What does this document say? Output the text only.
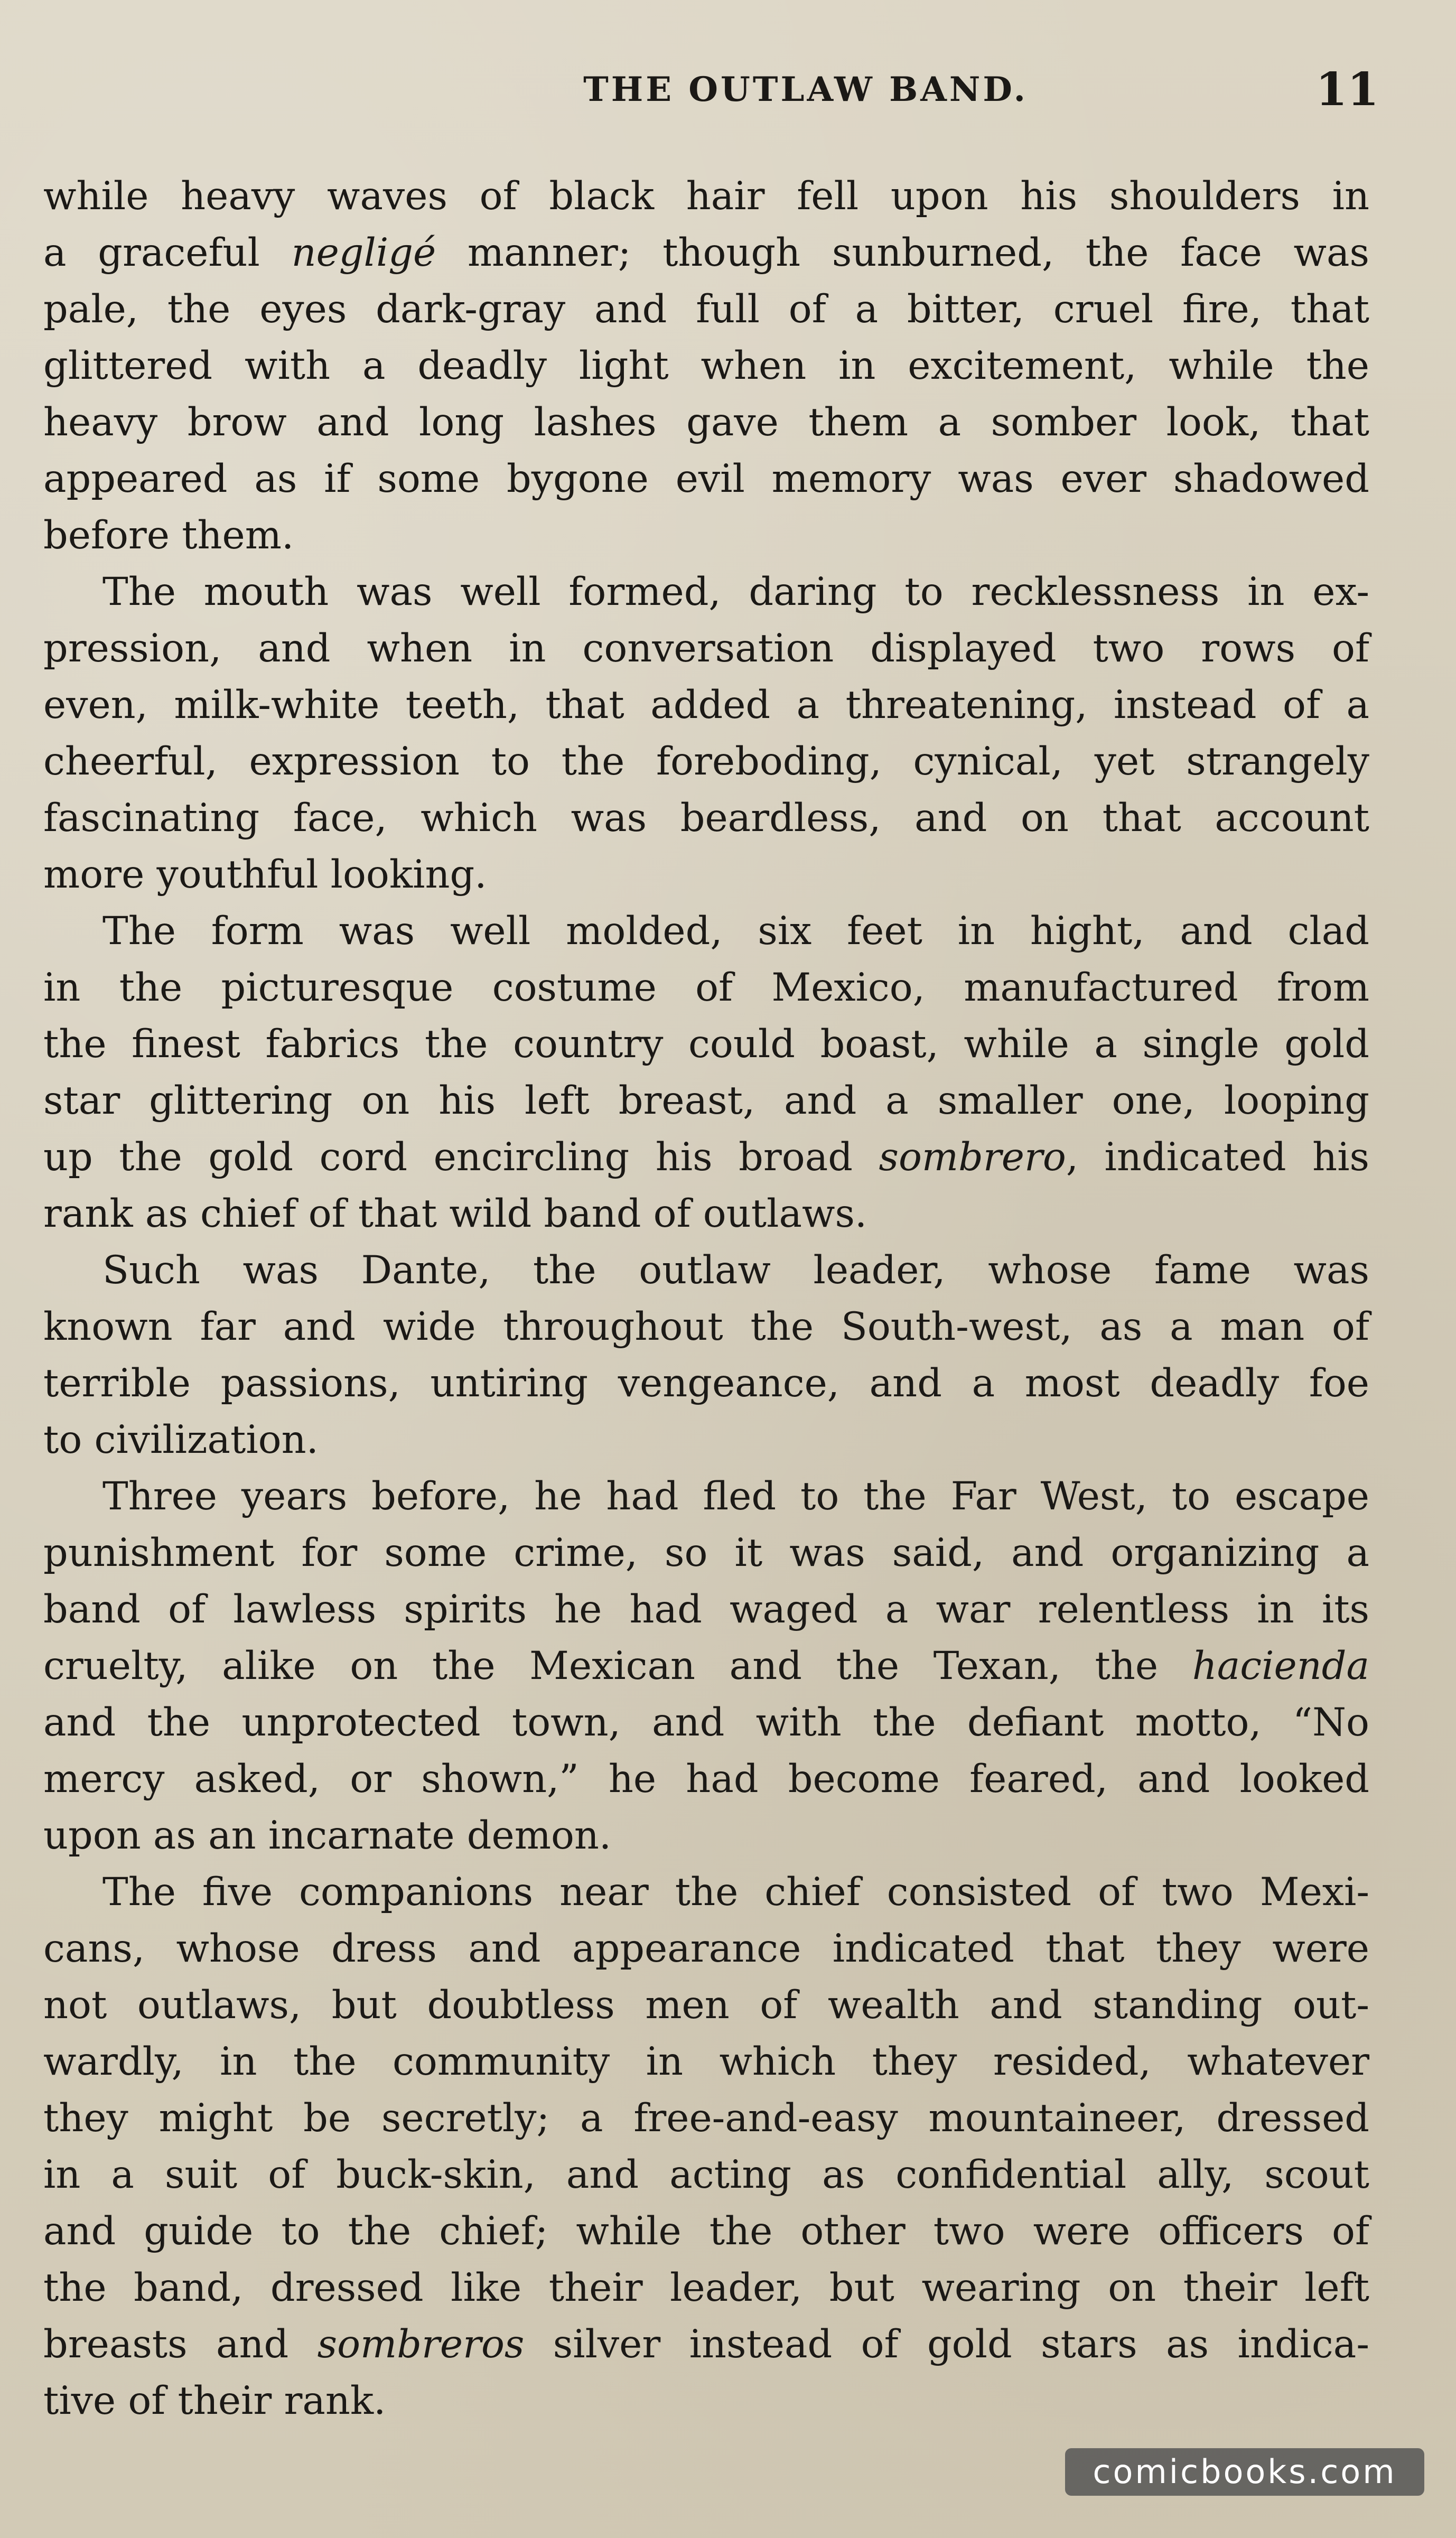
THE OUTLAW BAND.	11
while heavy waves of black hair fell upon his shoulders in
a graceful negligé manner; though sunburned, the face was
pale, the eyes dark-gray and full of a bitter, cruel fire, that
glittered with a deadly light when in excitement, while the
heavy brow and long lashes gave them a somber look, that
appeared as if some bygone evil memory was ever shadowed
before them.
The mouth was well formed, daring to recklessness in ex-
pression, and when in conversation displayed two rows of
even, milk-white teeth, that added a threatening, instead of a
cheerful, expression to the foreboding, cynical, yet strangely
fascinating face, which was beardless, and on that account
more youthful looking.
The form was well molded, six feet in hight, and clad
in the picturesque costume of Mexico, manufactured from
the finest fabrics the country could boast, while a single gold
star glittering on his left breast, and a smaller one, looping
up the gold cord encircling his broad sombrero, indicated his
rank as chief of that wild band of outlaws.
Such was Dante, the outlaw leader, whose fame was
known far and wide throughout the South-west, as a man of
terrible passions, untiring vengeance, and a most deadly foe
to civilization.
Three years before, he had fled to the Far West, to escape
punishment for some crime, so it was said, and organizing a
band of lawless spirits he had waged a war relentless in its
cruelty, alike on the Mexican and the Texan, the hacienda
and the unprotected town, and with the defiant motto, “No
mercy asked, or shown,” he had become feared, and looked
upon as an incarnate demon.
The five companions near the chief consisted of two Mexi-
cans, whose dress and appearance indicated that they were
not outlaws, but doubtless men of wealth and standing out-
wardly, in the community in which they resided, whatever
they might be secretly; a free-and-easy mountaineer, dressed
in a suit of buck-skin, and acting as confidential ally, scout
and guide to the chief; while the other two were officers of
the band, dressed like their leader, but wearing on their left
breasts and sombreros silver instead of gold stars as indica-
tive of their rank.
comicbooks.com
